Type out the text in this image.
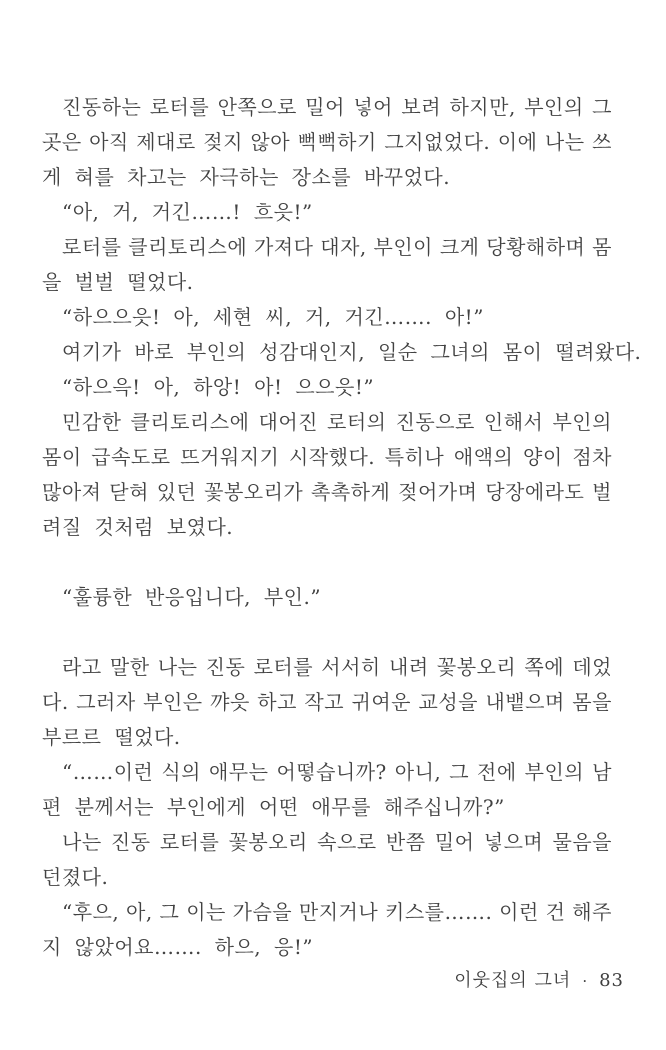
진동하는 로터를 안쪽으로 밀어 넣어 보려 하지만, 부인의 그
곳은 아직 제대로 젖지 않아 뻑뻑하기 그지없었다. 이에 나는 쓰
게 혀를 차고는 자극하는 장소를 바꾸었다.
“아, 거, 거긴……! 흐읏!”
로터를 클리토리스에 가져다 대자, 부인이 크게 당황해하며 몸
을 벌벌 떨었다.
“하으으읏! 아, 세현 씨, 거, 거긴……. 아!”
여기가 바로 부인의 성감대인지, 일순 그녀의 몸이 떨려왔다.
“하으윽! 아, 하앙! 아! 으으읏!”
민감한 클리토리스에 대어진 로터의 진동으로 인해서 부인의
몸이 급속도로 뜨거워지기 시작했다. 특히나 애액의 양이 점차
많아져 닫혀 있던 꽃봉오리가 촉촉하게 젖어가며 당장에라도 벌
려질 것처럼 보였다.
“훌륭한 반응입니다, 부인.”
라고 말한 나는 진동 로터를 서서히 내려 꽃봉오리 쪽에 데었
다. 그러자 부인은 꺄읏 하고 작고 귀여운 교성을 내뱉으며 몸을
부르르 떨었다.
“……이런 식의 애무는 어떻습니까? 아니, 그 전에 부인의 남
편 분께서는 부인에게 어떤 애무를 해주십니까?”
나는 진동 로터를 꽃봉오리 속으로 반쯤 밀어 넣으며 물음을
던졌다.
“후으, 아, 그 이는 가슴을 만지거나 키스를……. 이런 건 해주
지 않았어요……. 하으, 응!”
이웃집의 그녀 · 83
